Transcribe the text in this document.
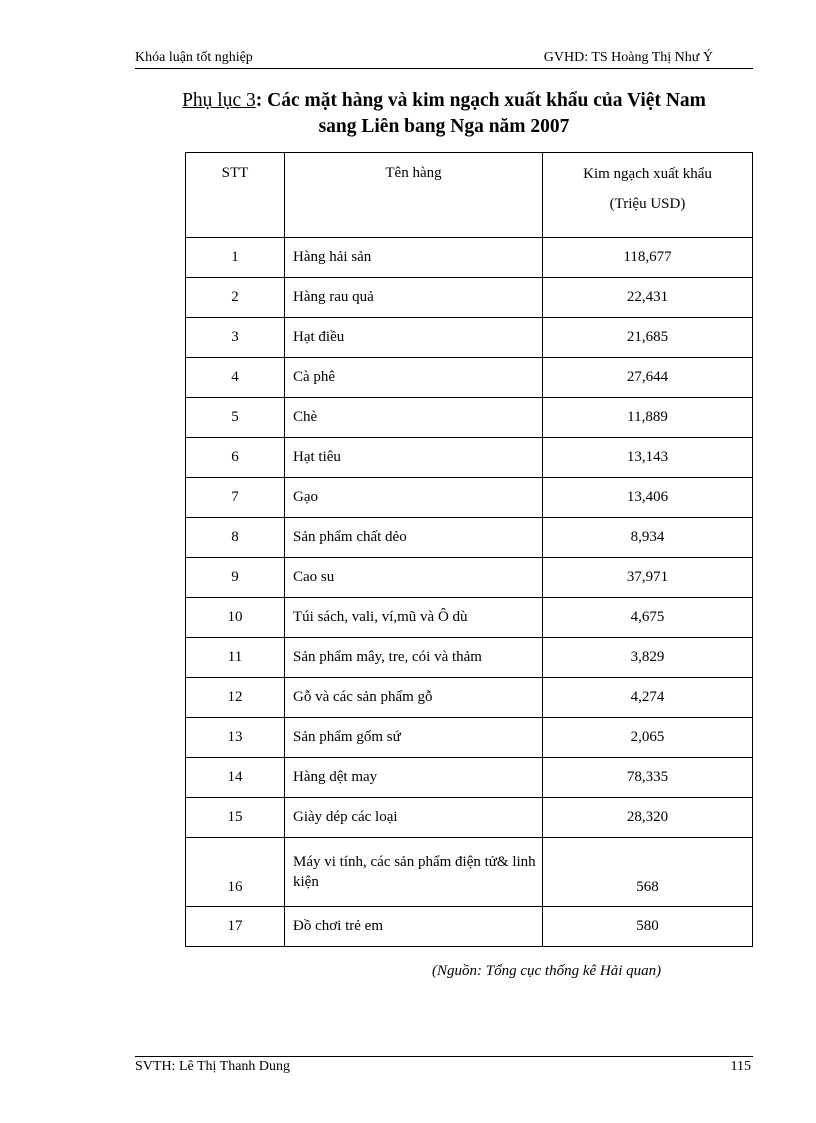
Khóa luận tốt nghiệp	GVHD: TS Hoàng Thị Như Ý
Phụ lục 3: Các mặt hàng và kim ngạch xuất khẩu của Việt Nam
sang Liên bang Nga năm 2007
STT	Tên hàng	Kim ngạch xuất khẩu
(Triệu USD)

1	Hàng hải sản	118,677
2	Hàng rau quả	22,431
3	Hạt điều	21,685
4	Cà phê	27,644
5	Chè	11,889
6	Hạt tiêu	13,143
7	Gạo	13,406
8	Sản phẩm chất dẻo	8,934
9	Cao su	37,971
10	Túi sách, vali, ví,mũ và Ô dù	4,675
11	Sản phẩm mây, tre, cói và thảm	3,829
12	Gỗ và các sản phẩm gỗ	4,274
13	Sản phẩm gốm sứ	2,065
14	Hàng dệt may	78,335
15	Giày dép các loại	28,320
16	Máy vi tính, các sản phẩm điện tử& linh kiện	568
17	Đồ chơi trẻ em	580
(Nguồn: Tổng cục thống kê Hải quan)
SVTH: Lê Thị Thanh Dung	115
